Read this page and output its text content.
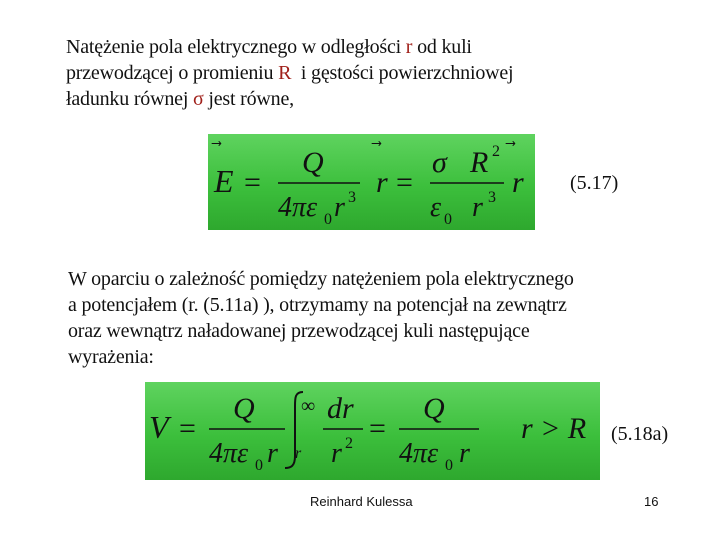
Natężenie pola elektrycznego w odległości r od kuli
przewodzącej o promieniu R  i gęstości powierzchniowej
ładunku równej σ jest równe,
E =
Q
4πε 0 r 3 r =
σ R 2
ε 0 r 3 r (5.17)
W oparciu o zależność pomiędzy natężeniem pola elektrycznego
a potencjałem (r. (5.11a) ), otrzymamy na potencjał na zewnątrz
oraz wewnątrz naładowanej przewodzącej kuli następujące
wyrażenia:
V =
Q
4πε 0 r
∞
r
dr
r 2 =
Q
4πε 0 r
r > R (5.18a)
Reinhard Kulessa	16
